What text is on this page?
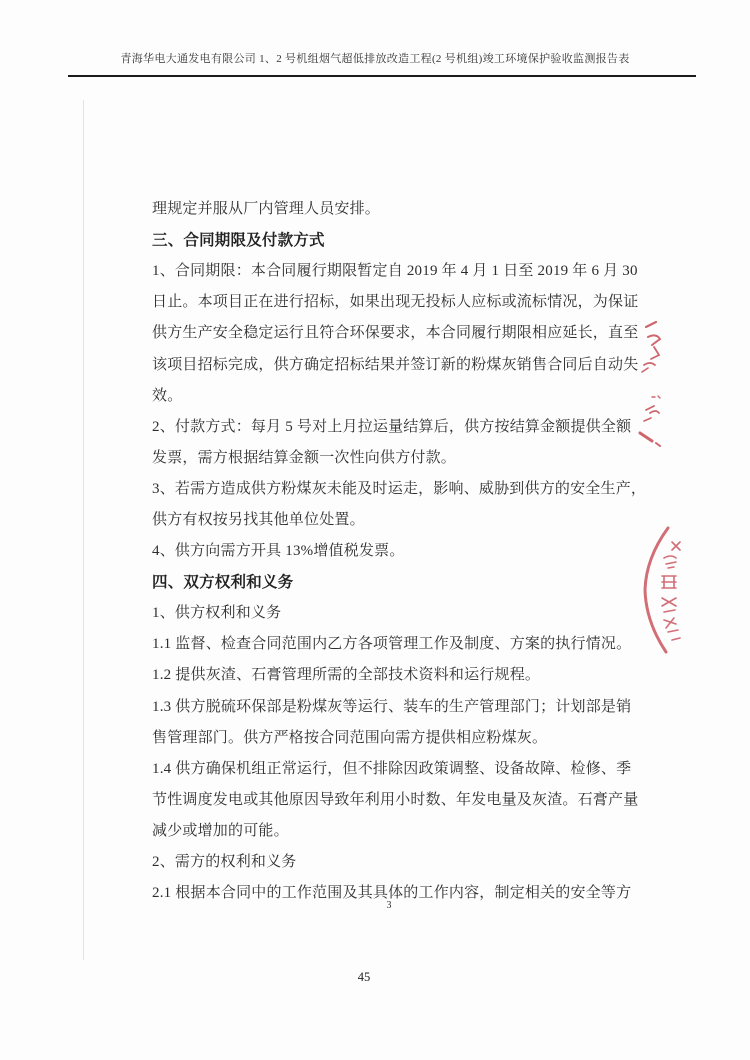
青海华电大通发电有限公司 1、2 号机组烟气超低排放改造工程(2 号机组)竣工环境保护验收监测报告表
理规定并服从厂内管理人员安排。
三、合同期限及付款方式
1、合同期限：本合同履行期限暂定自 2019 年 4 月 1 日至 2019 年 6 月 30
日止。本项目正在进行招标，如果出现无投标人应标或流标情况，为保证
供方生产安全稳定运行且符合环保要求，本合同履行期限相应延长，直至
该项目招标完成，供方确定招标结果并签订新的粉煤灰销售合同后自动失
效。
2、付款方式：每月 5 号对上月拉运量结算后，供方按结算金额提供全额
发票，需方根据结算金额一次性向供方付款。
3、若需方造成供方粉煤灰未能及时运走，影响、威胁到供方的安全生产，
供方有权按另找其他单位处置。
4、供方向需方开具 13%增值税发票。
四、双方权利和义务
1、供方权利和义务
1.1 监督、检查合同范围内乙方各项管理工作及制度、方案的执行情况。
1.2 提供灰渣、石膏管理所需的全部技术资料和运行规程。
1.3 供方脱硫环保部是粉煤灰等运行、装车的生产管理部门；计划部是销
售管理部门。供方严格按合同范围向需方提供相应粉煤灰。
1.4 供方确保机组正常运行，但不排除因政策调整、设备故障、检修、季
节性调度发电或其他原因导致年利用小时数、年发电量及灰渣。石膏产量
减少或增加的可能。
2、需方的权利和义务
2.1 根据本合同中的工作范围及其具体的工作内容，制定相关的安全等方
3
45
